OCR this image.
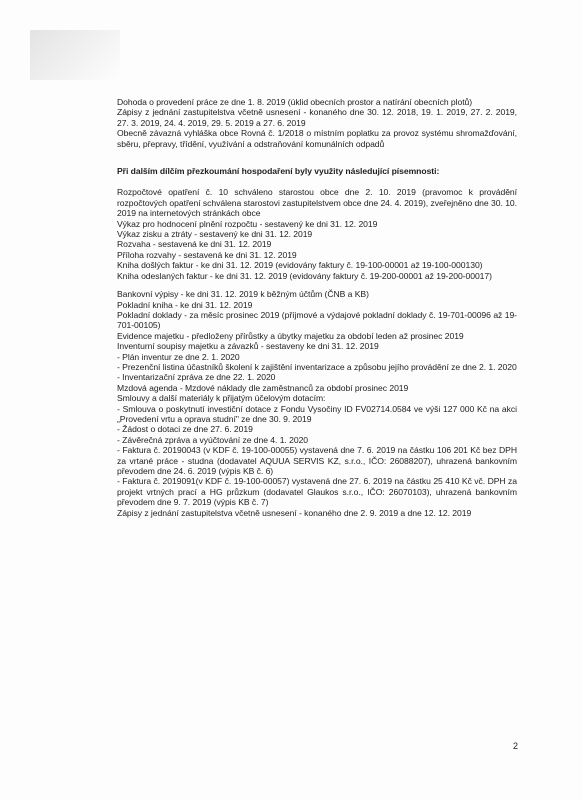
Dohoda o provedení práce ze dne 1. 8. 2019 (úklid obecních prostor a natírání obecních plotů)

Zápisy z jednání zastupitelstva včetně usnesení - konaného dne 30. 12. 2018, 19. 1. 2019, 27. 2. 2019, 27. 3. 2019, 24. 4. 2019, 29. 5. 2019 a 27. 6. 2019

Obecně závazná vyhláška obce Rovná č. 1/2018 o místním poplatku za provoz systému shromažďování, sběru, přepravy, třídění, využívání a odstraňování komunálních odpadů

Při dalším dílčím přezkoumání hospodaření byly využity následující písemnosti:

Rozpočtové opatření č. 10 schváleno starostou obce dne 2. 10. 2019 (pravomoc k provádění rozpočtových opatření schválena starostovi zastupitelstvem obce dne 24. 4. 2019), zveřejněno dne 30. 10. 2019 na internetových stránkách obce

Výkaz pro hodnocení plnění rozpočtu - sestavený ke dni 31. 12. 2019

Výkaz zisku a ztráty - sestavený ke dni 31. 12. 2019

Rozvaha - sestavená ke dni 31. 12. 2019

Příloha rozvahy - sestavená ke dni 31. 12. 2019

Kniha došlých faktur - ke dni 31. 12. 2019 (evidovány faktury č. 19-100-00001 až 19-100-000130)

Kniha odeslaných faktur - ke dni 31. 12. 2019 (evidovány faktury č. 19-200-00001 až 19-200-00017)

Bankovní výpisy - ke dni 31. 12. 2019 k běžným účtům (ČNB a KB)

Pokladní kniha - ke dni 31. 12. 2019

Pokladní doklady - za měsíc prosinec 2019 (příjmové a výdajové pokladní doklady č. 19-701-00096 až 19-701-00105)

Evidence majetku - předloženy přírůstky a úbytky majetku za období leden až prosinec 2019

Inventurní soupisy majetku a závazků - sestaveny ke dni 31. 12. 2019

- Plán inventur ze dne 2. 1. 2020

- Prezenční listina účastníků školení k zajištění inventarizace a způsobu jejího provádění ze dne 2. 1. 2020

- Inventarizační zpráva ze dne 22. 1. 2020

Mzdová agenda - Mzdové náklady dle zaměstnanců za období prosinec 2019

Smlouvy a další materiály k přijatým účelovým dotacím:

- Smlouva o poskytnutí investiční dotace z Fondu Vysočiny ID FV02714.0584 ve výši 127 000 Kč na akci „Provedení vrtu a oprava studní" ze dne 30. 9. 2019

- Žádost o dotaci ze dne 27. 6. 2019

- Závěrečná zpráva a vyúčtování ze dne 4. 1. 2020

- Faktura č. 20190043 (v KDF č. 19-100-00055) vystavená dne 7. 6. 2019 na částku 106 201 Kč bez DPH za vrtané práce - studna (dodavatel AQUUA SERVIS KZ, s.r.o., IČO: 26088207), uhrazená bankovním převodem dne 24. 6. 2019 (výpis KB č. 6)

- Faktura č. 2019091(v KDF č. 19-100-00057) vystavená dne 27. 6. 2019 na částku 25 410 Kč vč. DPH za projekt vrtných prací a HG průzkum (dodavatel Glaukos s.r.o., IČO: 26070103), uhrazená bankovním převodem dne 9. 7. 2019 (výpis KB č. 7)

Zápisy z jednání zastupitelstva včetně usnesení - konaného dne 2. 9. 2019 a dne 12. 12. 2019

2
